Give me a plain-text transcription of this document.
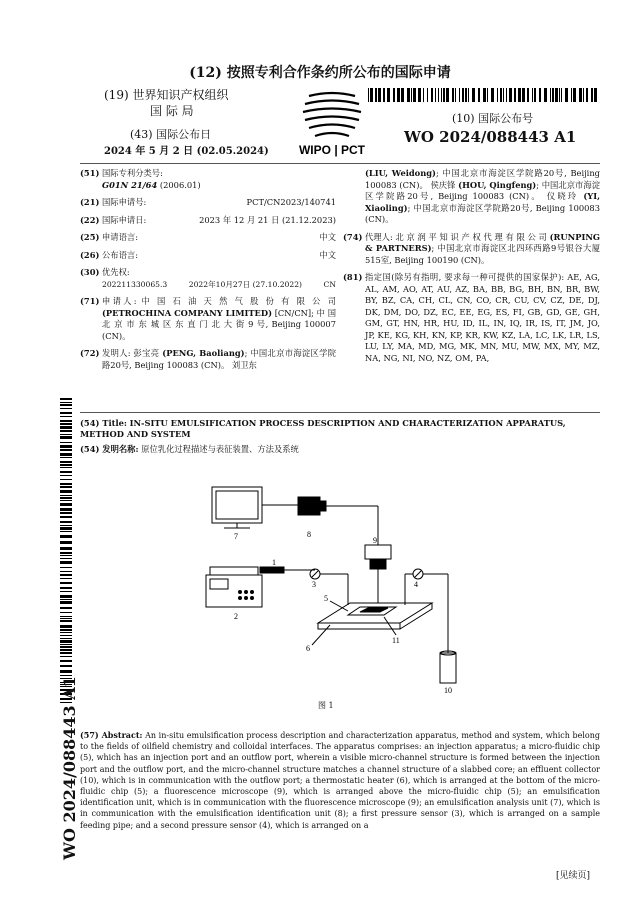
(12) 按照专利合作条约所公布的国际申请
(19) 世界知识产权组织
国 际 局
(43) 国际公布日
2024 年 5 月 2 日 (02.05.2024)
(10) 国际公布号
WO 2024/088443 A1
WIPO | PCT
(51) 国际专利分类号:
G01N 21/64 (2006.01)
(21) 国际申请号:	PCT/CN2023/140741
(22) 国际申请日:	2023 年 12 月 21 日 (21.12.2023)
(25) 申请语言:	中文
(26) 公布语言:	中文
(30) 优先权:
202211330065.3	2022年10月27日 (27.10.2022)	CN
(71) 申请人: 中 国 石 油 天 然 气 股 份 有 限 公 司 (PETROCHINA COMPANY LIMITED) [CN/CN]; 中 国 北 京 市 东 城 区 东 直 门 北 大 街 9 号, Beijing 100007 (CN)。
(72) 发明人: 彭宝亮 (PENG, Baoliang); 中国北京市海淀区学院路20号, Beijing 100083 (CN)。 刘卫东
(LIU, Weidong); 中国北京市海淀区学院路20号, Beijing 100083 (CN)。 侯庆锋 (HOU, Qingfeng); 中国北京市海淀区学院路20号, Beijing 100083 (CN)。 仪晓玲 (YI, Xiaoling); 中国北京市海淀区学院路20号, Beijing 100083 (CN)。
(74) 代理人: 北 京 润 平 知 识 产 权 代 理 有 限 公 司 (RUNPING & PARTNERS); 中国北京市海淀区北四环西路9号银谷大厦515室, Beijing 100190 (CN)。
(81) 指定国(除另有指明, 要求每一种可提供的国家保护): AE, AG, AL, AM, AO, AT, AU, AZ, BA, BB, BG, BH, BN, BR, BW, BY, BZ, CA, CH, CL, CN, CO, CR, CU, CV, CZ, DE, DJ, DK, DM, DO, DZ, EC, EE, EG, ES, FI, GB, GD, GE, GH, GM, GT, HN, HR, HU, ID, IL, IN, IQ, IR, IS, IT, JM, JO, JP, KE, KG, KH, KN, KP, KR, KW, KZ, LA, LC, LK, LR, LS, LU, LY, MA, MD, MG, MK, MN, MU, MW, MX, MY, MZ, NA, NG, NI, NO, NZ, OM, PA,
WO 2024/088443 A1
(54) Title: IN-SITU EMULSIFICATION PROCESS DESCRIPTION AND CHARACTERIZATION APPARATUS, METHOD AND SYSTEM
(54) 发明名称: 原位乳化过程描述与表征装置、方法及系统
7	8
9
1
2
3	4
5
6
10
11
图 1
(57) Abstract: An in-situ emulsification process description and characterization apparatus, method and system, which belong to the fields of oilfield chemistry and colloidal interfaces. The apparatus comprises: an injection apparatus; a micro-fluidic chip (5), which has an injection port and an outflow port, wherein a visible micro-channel structure is formed between the injection port and the outflow port, and the micro-channel structure matches a channel structure of a slabbed core; an effluent collector (10), which is in communication with the outflow port; a thermostatic heater (6), which is arranged at the bottom of the micro-fluidic chip (5); a fluorescence microscope (9), which is arranged above the micro-fluidic chip (5); an emulsification identification unit, which is in communication with the fluorescence microscope (9); an emulsification analysis unit (7), which is in communication with the emulsification identification unit (8); a first pressure sensor (3), which is arranged on a sample feeding pipe; and a second pressure sensor (4), which is arranged on a
[见续页]
